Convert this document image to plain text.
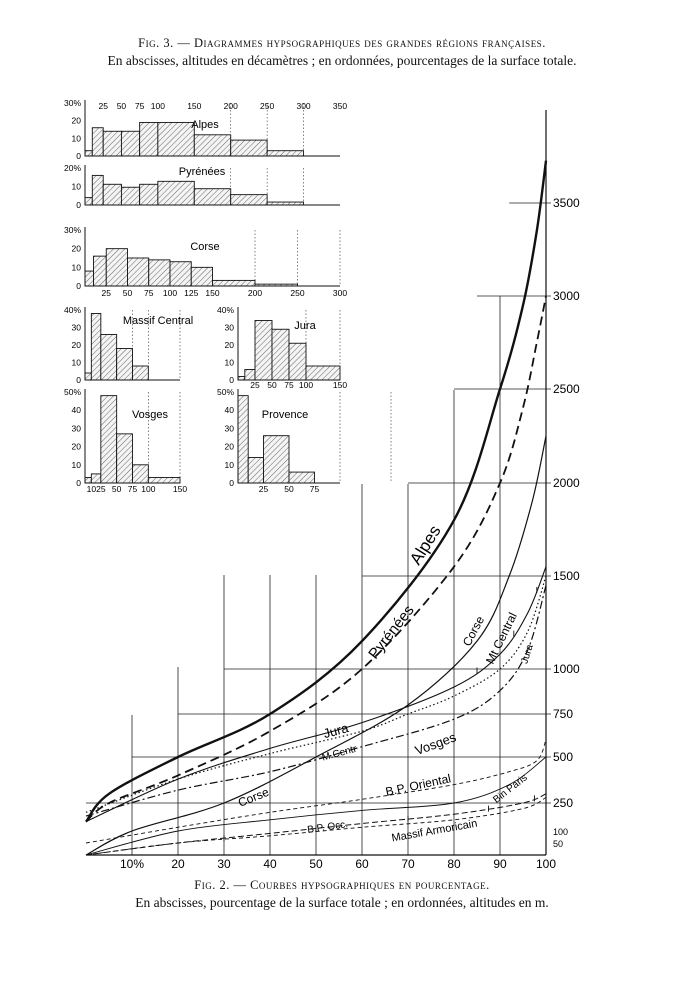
Fig. 3. — Diagrammes hypsographiques des grandes régions françaises.
En abscisses, altitudes en décamètres ; en ordonnées, pourcentages de la surface totale.
30%
20
10
0
25 50 75 100	150	200	250	300	350
Alpes
20%
10
0
Pyrénées
30%
20
10
0
25 50 75 100 125 150	200	250	300
Corse
40%
30
20
10
0
Massif Central
40%
30
20
10
0 25 50 75 100 150
Jura
50%
40
30
20
10
0
10 25 50 75 100 150
Vosges
50%
40
30
20
10
0
25 50 75
Provence
10% 20	30	40	50	60	70	80	90 100
50
100
250
500
750
1000
1500
2000
2500
3000
3500
Alpes
Pyrénées	Corse
Mt Central Jura
Jura
M.Centr	Vosges
Corse	B.P. Oriental	Bin Paris
B.P. Occ.	Massif Armoricain
Fig. 2. — Courbes hypsographiques en pourcentage.
En abscisses, pourcentage de la surface totale ; en ordonnées, altitudes en m.
